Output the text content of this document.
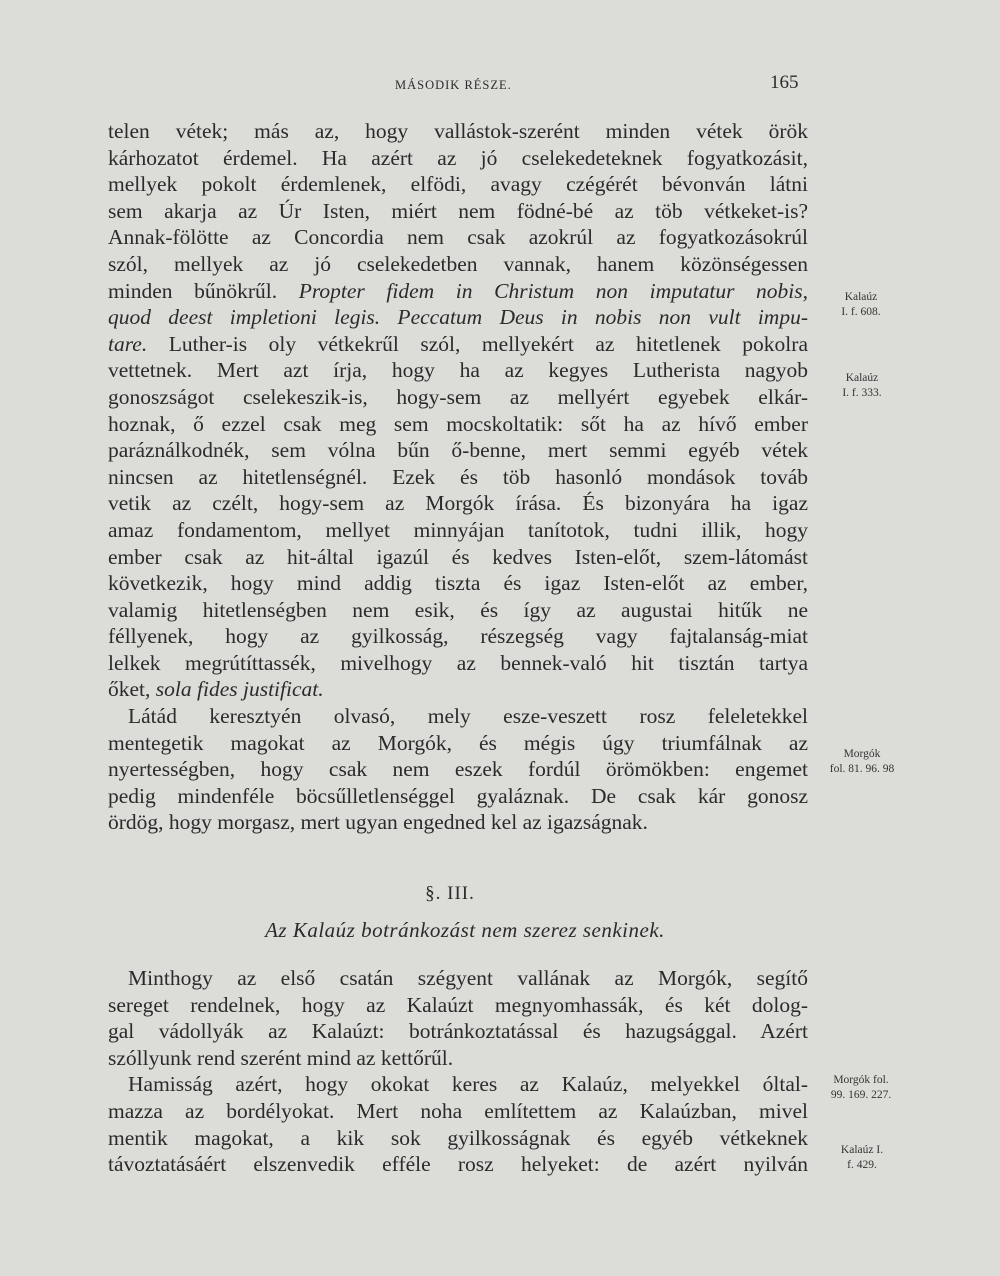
MÁSODIK RÉSZE.	165
telen vétek; más az, hogy vallástok-szerént minden vétek örök
kárhozatot érdemel. Ha azért az jó cselekedeteknek fogyatkozásit,
mellyek pokolt érdemlenek, elfödi, avagy czégérét bévonván látni
sem akarja az Úr Isten, miért nem födné-bé az töb vétkeket-is?
Annak-fölötte az Concordia nem csak azokrúl az fogyatkozásokrúl
szól, mellyek az jó cselekedetben vannak, hanem közönségessen
minden bűnökrűl. Propter fidem in Christum non imputatur nobis,
quod deest impletioni legis. Peccatum Deus in nobis non vult impu-
tare. Luther-is oly vétkekrűl szól, mellyekért az hitetlenek pokolra
vettetnek. Mert azt írja, hogy ha az kegyes Lutherista nagyob
gonoszságot cselekeszik-is, hogy-sem az mellyért egyebek elkár-
hoznak, ő ezzel csak meg sem mocskoltatik: sőt ha az hívő ember
paráználkodnék, sem vólna bűn ő-benne, mert semmi egyéb vétek
nincsen az hitetlenségnél. Ezek és töb hasonló mondások továb
vetik az czélt, hogy-sem az Morgók írása. És bizonyára ha igaz
amaz fondamentom, mellyet minnyájan tanítotok, tudni illik, hogy
ember csak az hit-által igazúl és kedves Isten-előt, szem-látomást
következik, hogy mind addig tiszta és igaz Isten-előt az ember,
valamig hitetlenségben nem esik, és így az augustai hitűk ne
féllyenek, hogy az gyilkosság, részegség vagy fajtalanság-miat
lelkek megrútíttassék, mivelhogy az bennek-való hit tisztán tartya
őket, sola fides justificat.
Látád keresztyén olvasó, mely esze-veszett rosz feleletekkel
mentegetik magokat az Morgók, és mégis úgy triumfálnak az
nyertességben, hogy csak nem eszek fordúl örömökben: engemet
pedig mindenféle böcsűlletlenséggel gyaláznak. De csak kár gonosz
ördög, hogy morgasz, mert ugyan engedned kel az igazságnak.
§. III.
Az Kalaúz botránkozást nem szerez senkinek.
Minthogy az első csatán szégyent vallának az Morgók, segítő
sereget rendelnek, hogy az Kalaúzt megnyomhassák, és két dolog-
gal vádollyák az Kalaúzt: botránkoztatással és hazugsággal. Azért
szóllyunk rend szerént mind az kettőrűl.
Hamisság azért, hogy okokat keres az Kalaúz, melyekkel óltal-
mazza az bordélyokat. Mert noha említettem az Kalaúzban, mivel
mentik magokat, a kik sok gyilkosságnak és egyéb vétkeknek
távoztatásáért elszenvedik efféle rosz helyeket: de azért nyilván
Kalaúz
I. f. 608.
Kalaúz
I. f. 333.
Morgók
fol. 81. 96. 98
Morgók fol.
99. 169. 227.
Kalaúz I.
f. 429.
